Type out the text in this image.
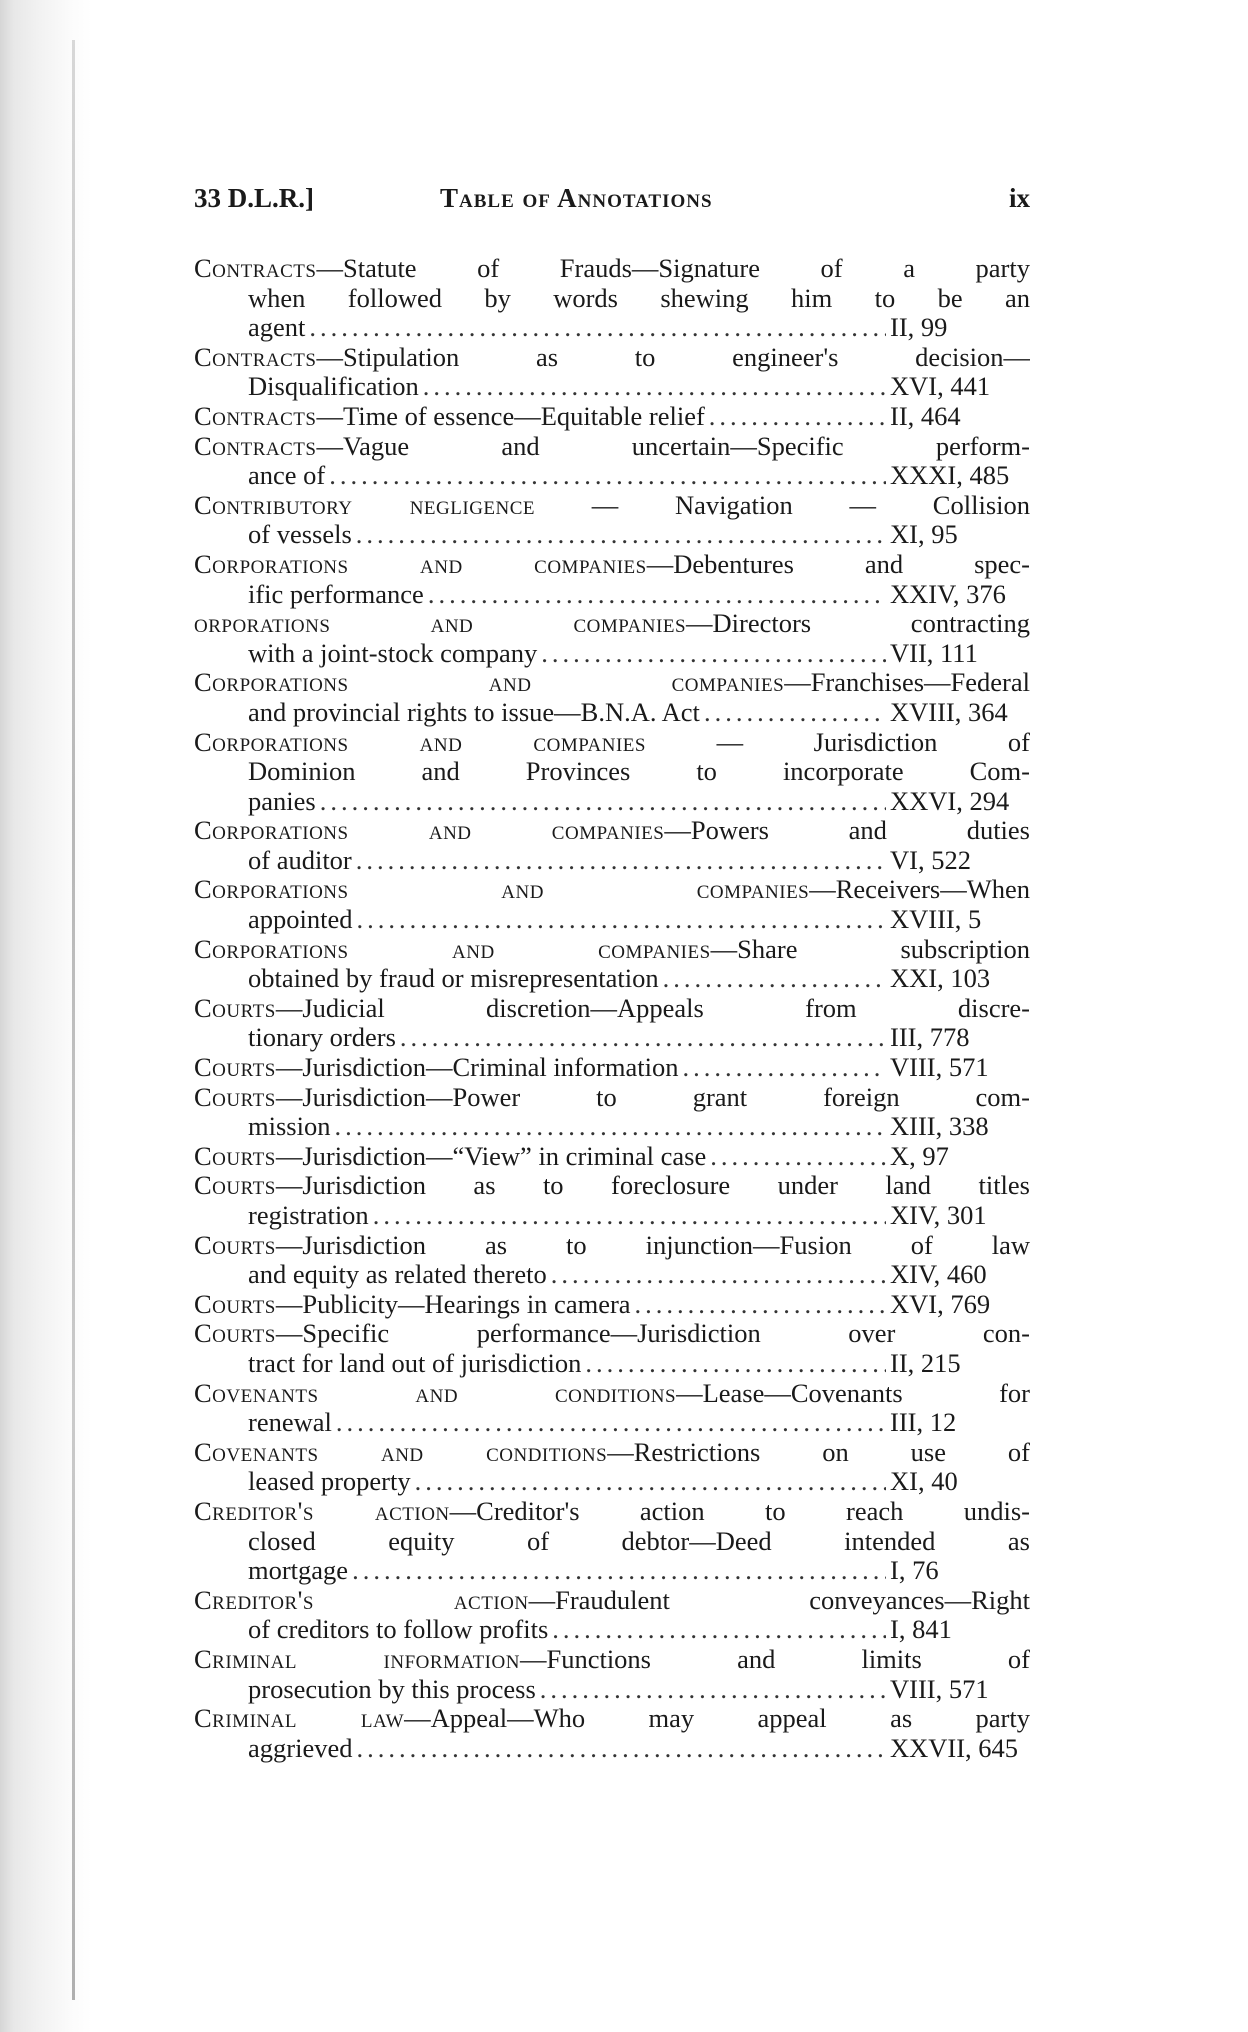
33 D.L.R.]	Table of Annotations	ix
Contracts—Statute of Frauds—Signature of a party
when followed by words shewing him to be an
agent .....	II, 99
Contracts—Stipulation as to engineer's decision—
Disqualification .....	XVI, 441
Contracts—Time of essence—Equitable relief .....	II, 464
Contracts—Vague and uncertain—Specific perform-
ance of .....	XXXI, 485
Contributory negligence — Navigation — Collision
of vessels .....	XI, 95
Corporations and companies—Debentures and spec-
ific performance .....	XXIV, 376
orporations and companies—Directors contracting
with a joint-stock company .....	VII, 111
Corporations and companies—Franchises—Federal
and provincial rights to issue—B.N.A. Act .....	XVIII, 364
Corporations and companies — Jurisdiction of
Dominion and Provinces to incorporate Com-
panies .....	XXVI, 294
Corporations and companies—Powers and duties
of auditor .....	VI, 522
Corporations and companies—Receivers—When
appointed .....	XVIII, 5
Corporations and companies—Share subscription
obtained by fraud or misrepresentation .....	XXI, 103
Courts—Judicial discretion—Appeals from discre-
tionary orders .....	III, 778
Courts—Jurisdiction—Criminal information .....	VIII, 571
Courts—Jurisdiction—Power to grant foreign com-
mission .....	XIII, 338
Courts—Jurisdiction—“View” in criminal case .....	X, 97
Courts—Jurisdiction as to foreclosure under land titles
registration .....	XIV, 301
Courts—Jurisdiction as to injunction—Fusion of law
and equity as related thereto .....	XIV, 460
Courts—Publicity—Hearings in camera .....	XVI, 769
Courts—Specific performance—Jurisdiction over con-
tract for land out of jurisdiction .....	II, 215
Covenants and conditions—Lease—Covenants for
renewal .....	III, 12
Covenants and conditions—Restrictions on use of
leased property .....	XI, 40
Creditor's action—Creditor's action to reach undis-
closed equity of debtor—Deed intended as
mortgage .....	I, 76
Creditor's action—Fraudulent conveyances—Right
of creditors to follow profits .....	I, 841
Criminal information—Functions and limits of
prosecution by this process .....	VIII, 571
Criminal law—Appeal—Who may appeal as party
aggrieved .....	XXVII, 645
